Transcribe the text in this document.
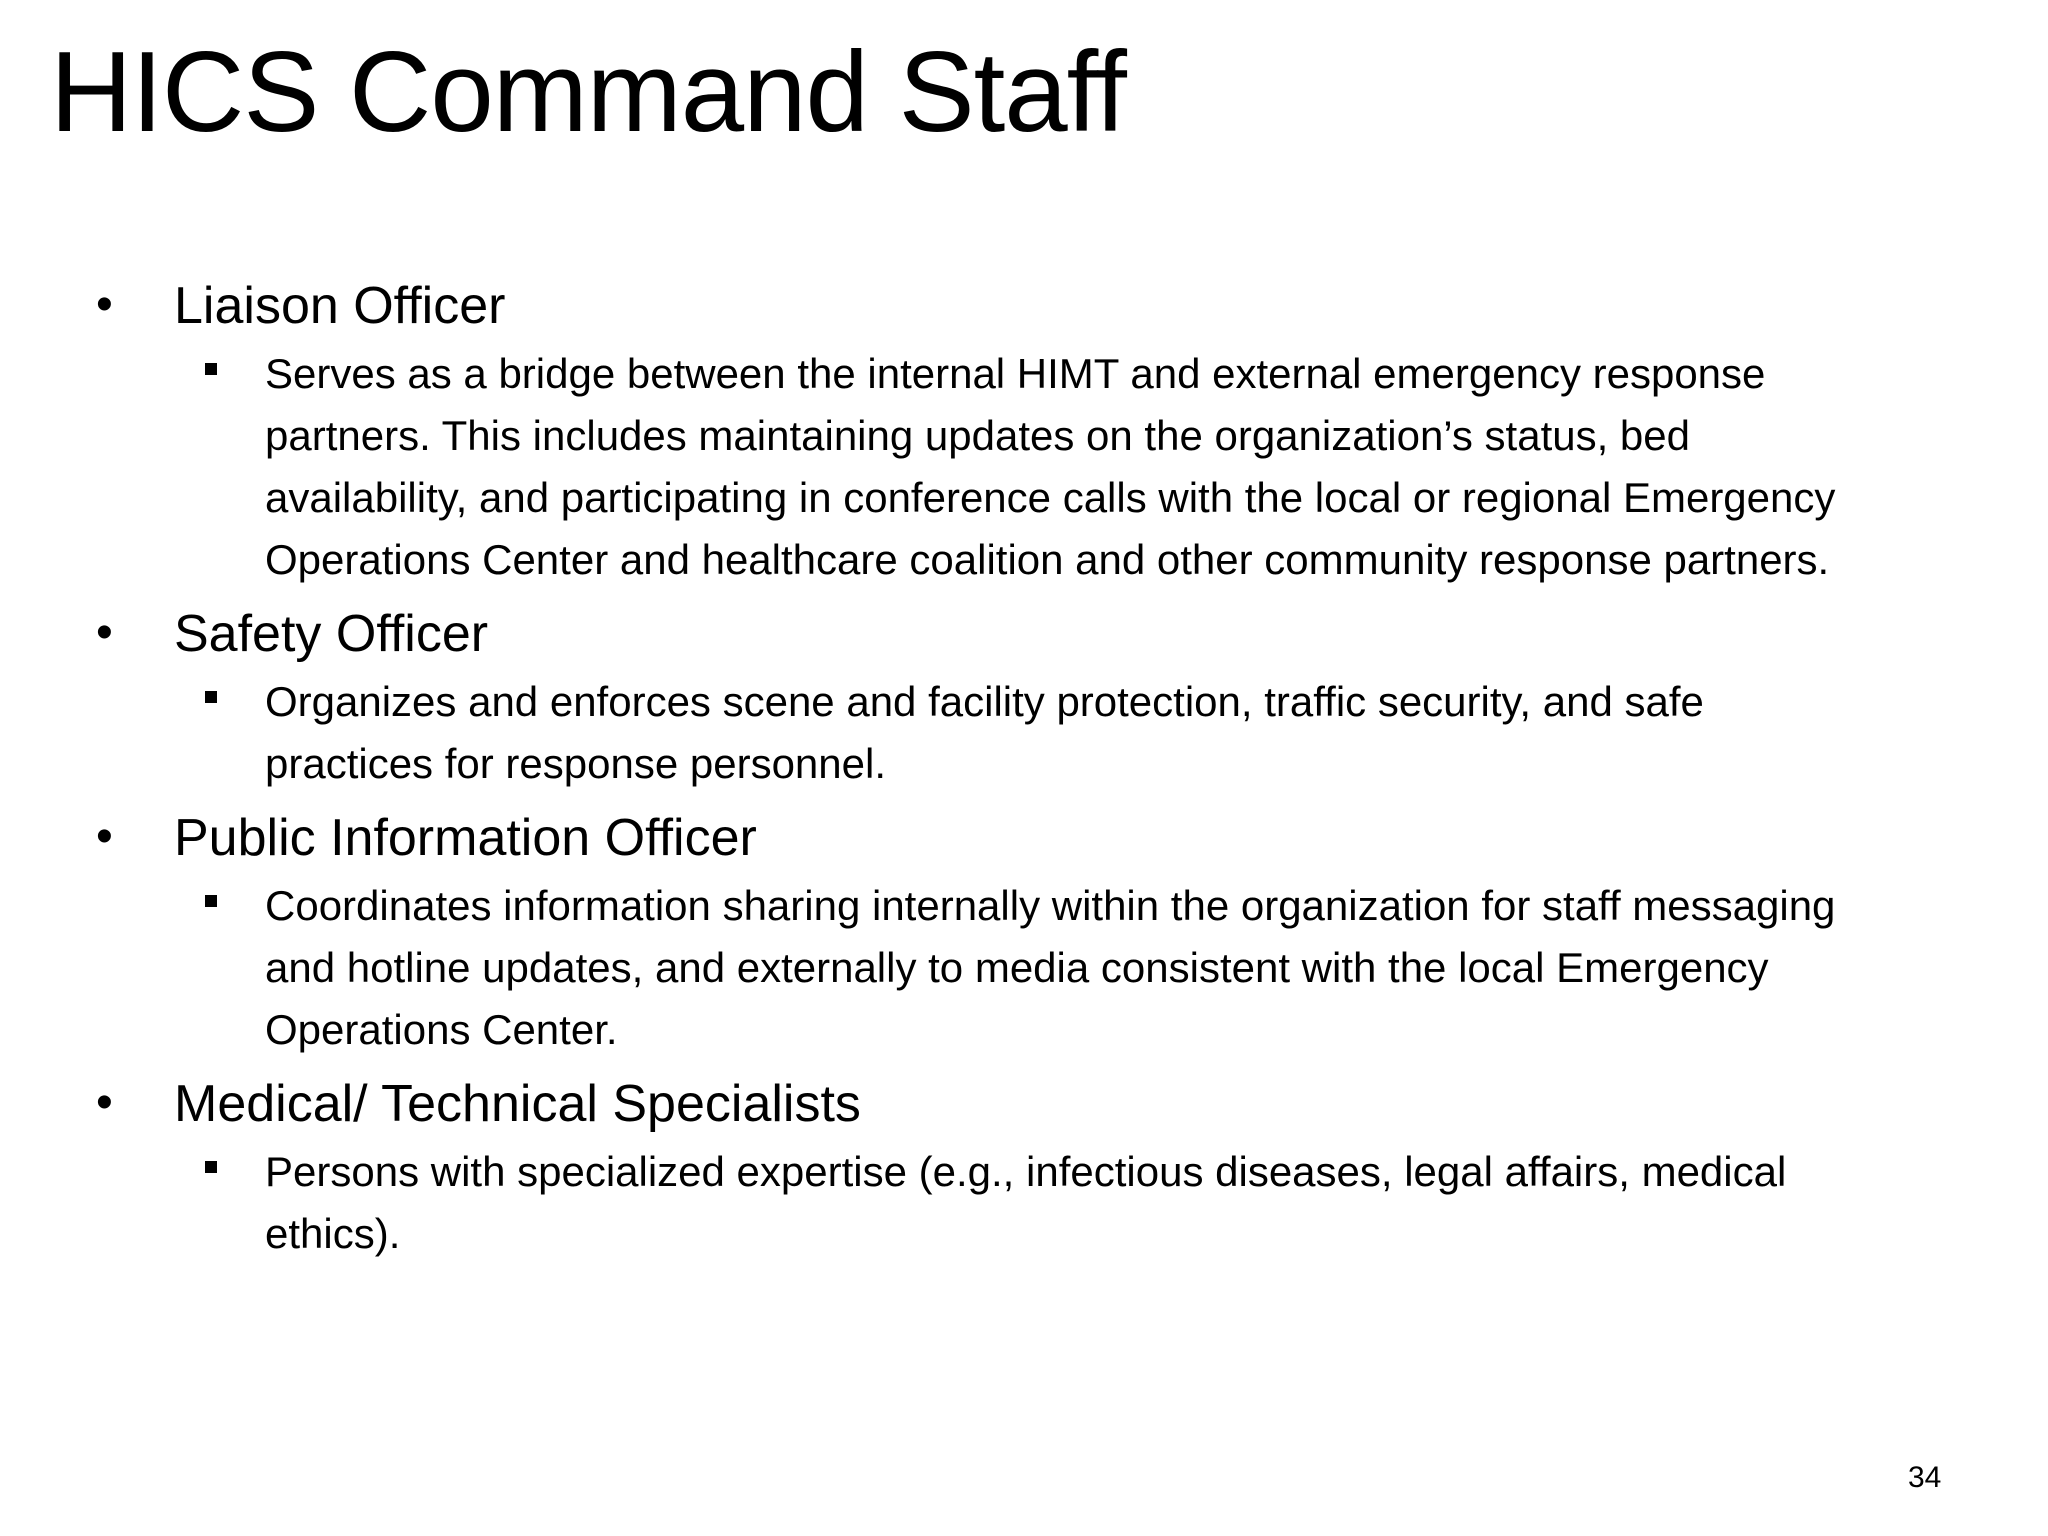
HICS Command Staff
• Liaison Officer
Serves as a bridge between the internal HIMT and external emergency response partners. This includes maintaining updates on the organization’s status, bed availability, and participating in conference calls with the local or regional Emergency Operations Center and healthcare coalition and other community response partners.
• Safety Officer
Organizes and enforces scene and facility protection, traffic security, and safe practices for response personnel.
• Public Information Officer
Coordinates information sharing internally within the organization for staff messaging and hotline updates, and externally to media consistent with the local Emergency Operations Center.
• Medical/ Technical Specialists
Persons with specialized expertise (e.g., infectious diseases, legal affairs, medical ethics).
34
